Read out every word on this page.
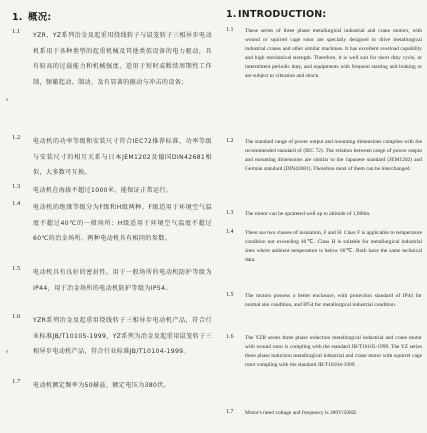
1. 概况:
1.1
YZR、YZ系列冶金及起重用绕线转子与鼠笼转子三相异步电动机系用于各种类型的起重机械及其他类似设备的电力驱动，具有较高的过载能力和机械强度，适用于短时或断续周期性工作制，频繁起动、制动、及有显著的振动与冲击的设备;
1.2
电动机的功率等级和安装尺寸符合IEC72推荐标准，功率等级与安装尺寸的相互关系与日本JEM1202及德国DIN42681相似，大多数可互换。
1.3
电动机在海拔不超过1000米，能保证正常运行。
1.4
电动机的绝缘等级分为F级和H级两种。F级适用于环境空气温度不超过40℃的一般场所；H级适用于环境空气温度不超过60℃的冶金场所。两种电动机具有相同的参数。
1.5
电动机具有良好的密封性。用于一般场所的电动机防护等级为IP44，用于冶金场所的电动机防护等级为IP54。
1.6
YZR系列冶金及起重用绕线转子三相异步电动机产品，符合行业标准JB/T10105-1999，YZ系列为冶金及起重用鼠笼转子三相异步电动机产品，符合行业标准JB/T10104-1999。
1.7
电动机额定频率为50赫兹，额定电压为380伏。
1.INTRODUCTION:
1.1 These series of three phase metallurgical industrial and crane motors, with wound or squirrel cage rotor are specially designed to drive metallurgical industrial cranes and other similar machines. It has excellent overload capability and high mechanical strength. Therefore, it is well suit for short duty cycle, or intermittent periodic duty, and equipments with frequent starting and braking or are subject to vibration and shock.
1.2 The standard range of power output and mounting dimensions complies with the recommended standard of (IEC 72). The relation between range of power output and mounting dimensions are similar to the Japanese standard (JEM1202) and German standard (DIN42681). Therefore most of them can be interchanged.
1.3 The motor can be oprateted well up to altitude of 1,000m.
1.4 There are two classes of insulation, F and H. Class F is applicable to temperature condition not exceeding 40℃. Class H is suitable for metallurgical industrial sites where ambient temperature is below 60℃. Both have the same technical data.
1.5 The motors possess a better enclosure, with protection standard of IP44 for normal site condition, and IP54 for metallurgical industrial condition.
1.6 The YZR series three phase induction metallurgical industrial and crane motor with wound rotor is compling with the standard JB/T10105-1999. The YZ series three phase induction metallurgical industrial and crane motor with squirrel cage rotor compling with the standard JB/T10104-1999.
1.7 Motor's rated voltage and frequency is 380V/50HZ.
